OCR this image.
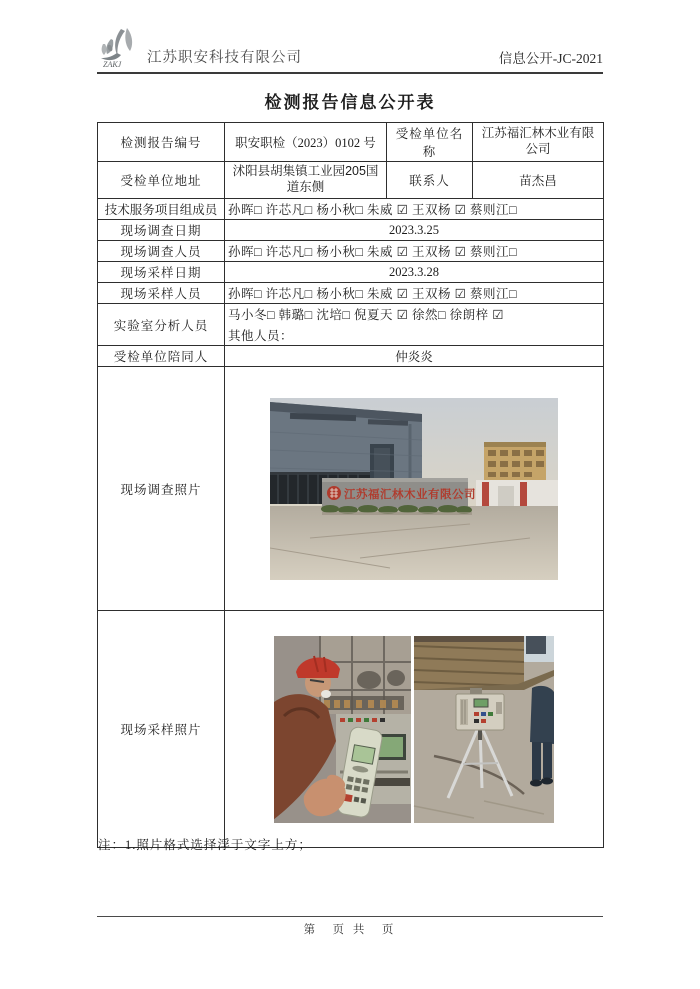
ZAKJ 江苏职安科技有限公司	信息公开-JC-2021
检测报告信息公开表
检测报告编号	职安职检（2023）0102 号	受检单位名称	江苏福汇林木业有限公司
受检单位地址	沭阳县胡集镇工业园205国道东侧	联系人	苗杰昌
技术服务项目组成员	孙晖□ 许芯凡□ 杨小秋□ 朱威 ☑ 王双杨 ☑ 蔡则江□		
现场调查日期	2023.3.25		
现场调查人员	孙晖□ 许芯凡□ 杨小秋□ 朱威 ☑ 王双杨 ☑ 蔡则江□		
现场采样日期	2023.3.28		
现场采样人员	孙晖□ 许芯凡□ 杨小秋□ 朱威 ☑ 王双杨 ☑ 蔡则江□		
实验室分析人员	马小冬□ 韩璐□ 沈培□ 倪夏天 ☑ 徐然□ 徐朗梓 ☑
其他人员：		

受检单位陪同人	仲炎炎		
现场调查照片	江苏福汇林木业有限公司		

现场采样照片	
注：1.照片格式选择浮于文字上方；
第　页 共　页
